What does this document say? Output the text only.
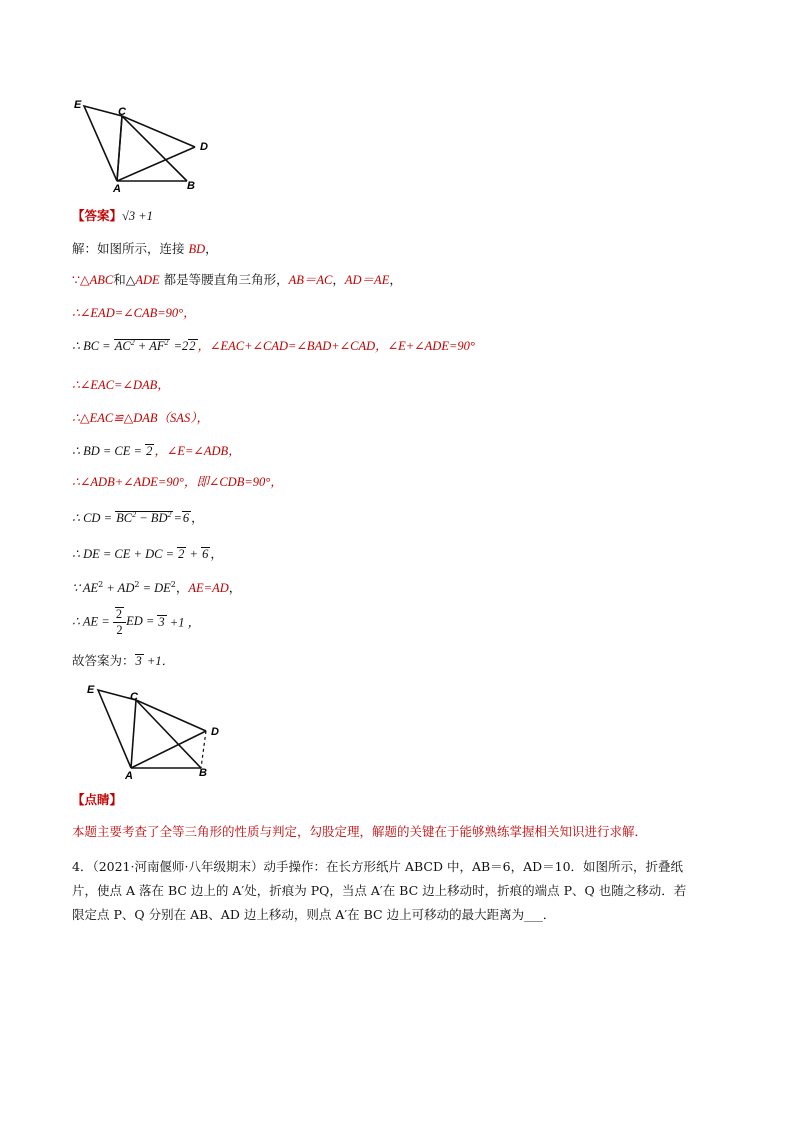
E
C
D
A	B
【答案】√3 +1
解：如图所示，连接 BD，
∵△ABC和△ADE 都是等腰直角三角形，AB＝AC，AD＝AE，
∴∠EAD=∠CAB=90°，
∴ BC = $AC^2 + AF^2 =22$ ，∠EAC+∠CAD=∠BAD+∠CAD，∠E+∠ADE=90°
∴∠EAC=∠DAB，
∴△EAC≌△DAB（SAS），
∴ BD = CE = 2 ，∠E=∠ADB，
∴∠ADB+∠ADE=90°，即∠CDB=90°，
∴ CD = $BC^2 - BD^2 =6$ ，
∴ DE = CE + DC = 2 + 6 ，
∵ $AE^2 + AD^2 = DE^2$，AE=AD，
∴ AE = $\frac{2}{2}$ ED = 3 +1 ，
故答案为：3 +1．
E
C
D
A	B
【点睛】
本题主要考查了全等三角形的性质与判定，勾股定理，解题的关键在于能够熟练掌握相关知识进行求解．
4．（2021·河南偃师·八年级期末）动手操作：在长方形纸片 ABCD 中，AB＝6，AD＝10．如图所示，折叠纸片，使点 A 落在 BC 边上的 A′处，折痕为 PQ，当点 A′在 BC 边上移动时，折痕的端点 P、Q 也随之移动．若限定点 P、Q 分别在 AB、AD 边上移动，则点 A′在 BC 边上可移动的最大距离为___．
